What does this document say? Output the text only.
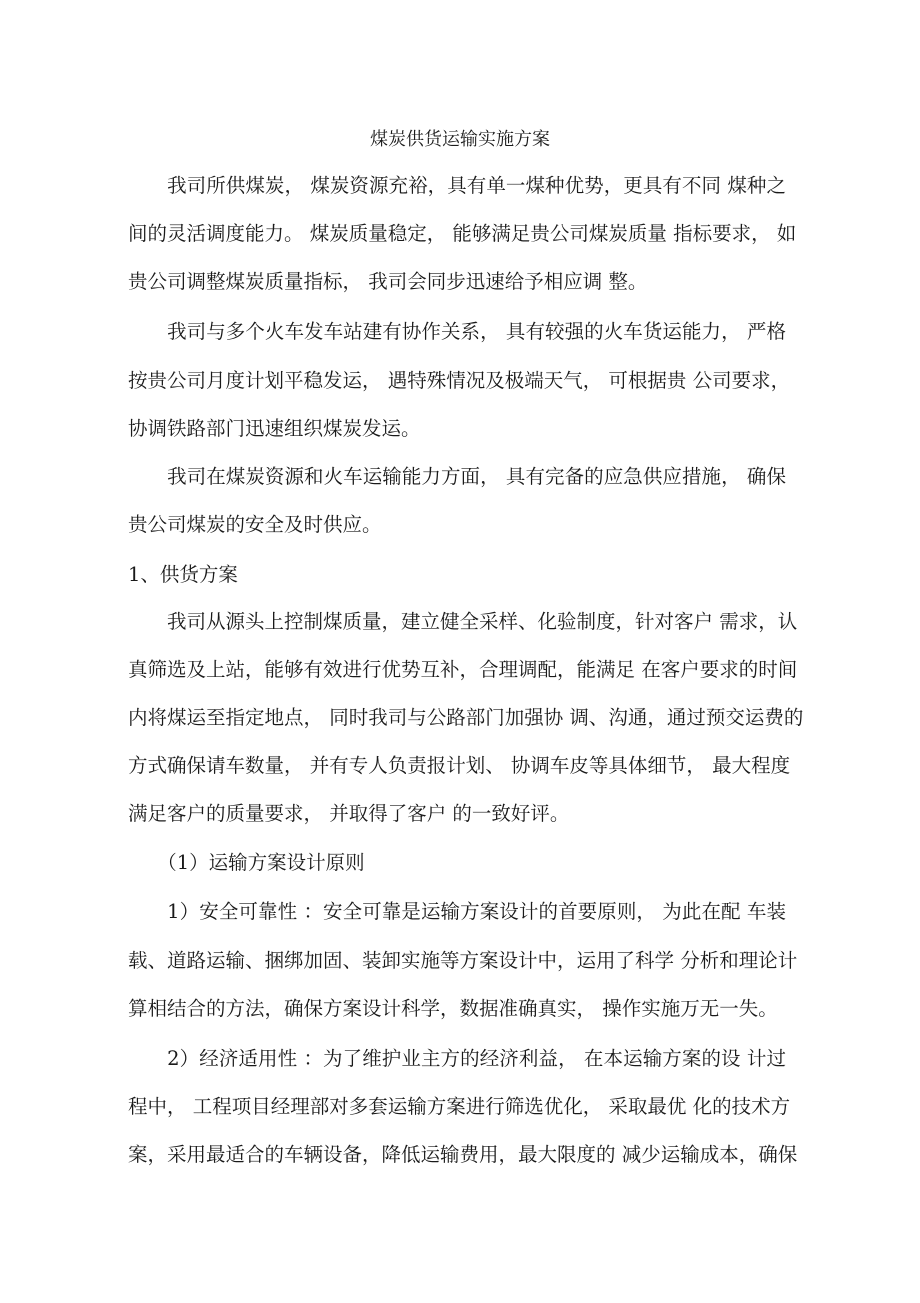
煤炭供货运输实施方案
　　我司所供煤炭， 煤炭资源充裕，具有单一煤种优势，更具有不同 煤种之
间的灵活调度能力。 煤炭质量稳定， 能够满足贵公司煤炭质量 指标要求， 如
贵公司调整煤炭质量指标， 我司会同步迅速给予相应调 整。
　　我司与多个火车发车站建有协作关系， 具有较强的火车货运能力， 严格
按贵公司月度计划平稳发运， 遇特殊情况及极端天气， 可根据贵 公司要求，
协调铁路部门迅速组织煤炭发运。
　　我司在煤炭资源和火车运输能力方面， 具有完备的应急供应措施， 确保
贵公司煤炭的安全及时供应。
1、供货方案
　　我司从源头上控制煤质量，建立健全采样、化验制度，针对客户 需求，认
真筛选及上站，能够有效进行优势互补，合理调配，能满足 在客户要求的时间
内将煤运至指定地点， 同时我司与公路部门加强协 调、沟通，通过预交运费的
方式确保请车数量， 并有专人负责报计划、 协调车皮等具体细节， 最大程度
满足客户的质量要求， 并取得了客户 的一致好评。
　　（1）运输方案设计原则
　　1）安全可靠性 ：安全可靠是运输方案设计的首要原则， 为此在配 车装
载、道路运输、捆绑加固、装卸实施等方案设计中，运用了科学 分析和理论计
算相结合的方法，确保方案设计科学，数据准确真实， 操作实施万无一失。
　　2）经济适用性 ：为了维护业主方的经济利益， 在本运输方案的设 计过
程中， 工程项目经理部对多套运输方案进行筛选优化， 采取最优 化的技术方
案，采用最适合的车辆设备，降低运输费用，最大限度的 减少运输成本，确保
